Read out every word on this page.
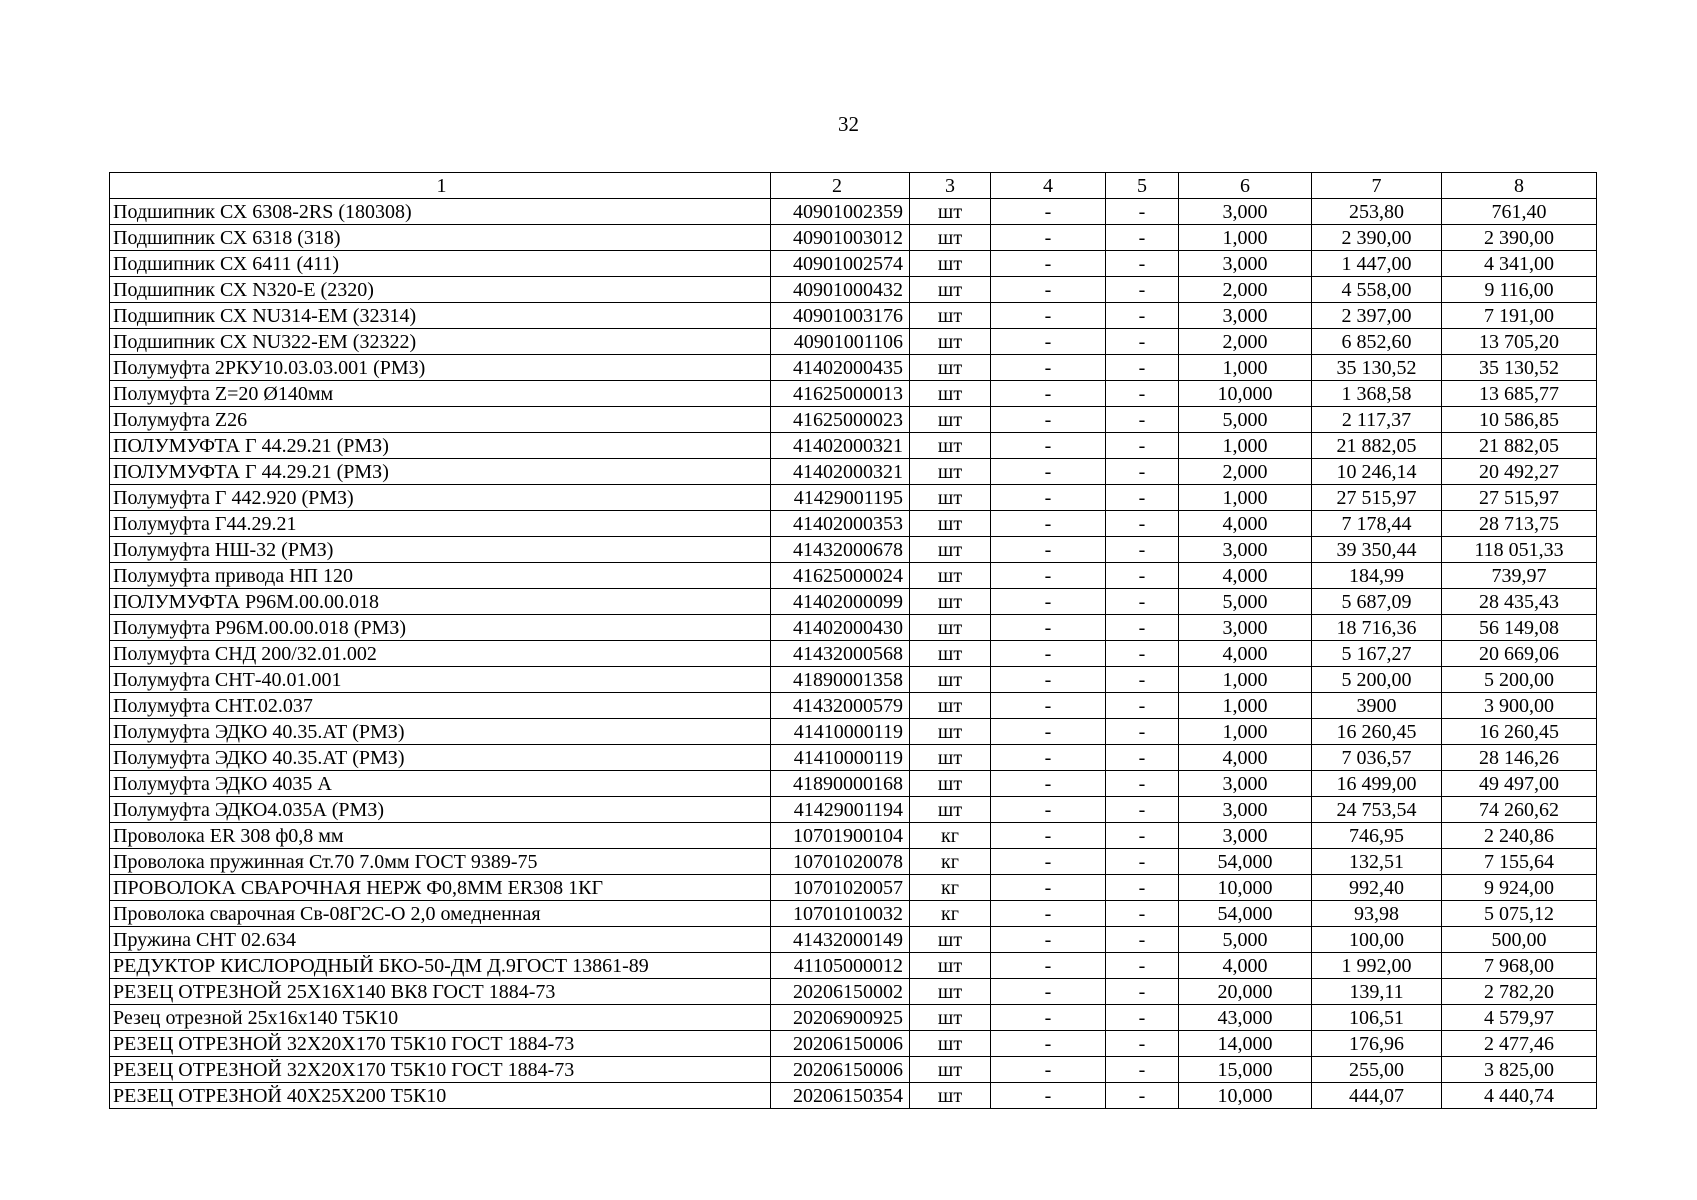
32
1	2	3	4	5	6	7	8
Подшипник СХ 6308-2RS (180308)	40901002359	шт	-	-	3,000	253,80	761,40
Подшипник СХ 6318 (318)	40901003012	шт	-	-	1,000	2 390,00	2 390,00
Подшипник СХ 6411 (411)	40901002574	шт	-	-	3,000	1 447,00	4 341,00
Подшипник СХ N320-E (2320)	40901000432	шт	-	-	2,000	4 558,00	9 116,00
Подшипник СХ NU314-EM (32314)	40901003176	шт	-	-	3,000	2 397,00	7 191,00
Подшипник СХ NU322-EM (32322)	40901001106	шт	-	-	2,000	6 852,60	13 705,20
Полумуфта 2РКУ10.03.03.001 (РМЗ)	41402000435	шт	-	-	1,000	35 130,52	35 130,52
Полумуфта Z=20 Ø140мм	41625000013	шт	-	-	10,000	1 368,58	13 685,77
Полумуфта Z26	41625000023	шт	-	-	5,000	2 117,37	10 586,85
ПОЛУМУФТА Г 44.29.21 (РМЗ)	41402000321	шт	-	-	1,000	21 882,05	21 882,05
ПОЛУМУФТА Г 44.29.21 (РМЗ)	41402000321	шт	-	-	2,000	10 246,14	20 492,27
Полумуфта Г 442.920 (РМЗ)	41429001195	шт	-	-	1,000	27 515,97	27 515,97
Полумуфта Г44.29.21	41402000353	шт	-	-	4,000	7 178,44	28 713,75
Полумуфта НШ-32 (РМЗ)	41432000678	шт	-	-	3,000	39 350,44	118 051,33
Полумуфта привода НП 120	41625000024	шт	-	-	4,000	184,99	739,97
ПОЛУМУФТА Р96М.00.00.018	41402000099	шт	-	-	5,000	5 687,09	28 435,43
Полумуфта Р96М.00.00.018 (РМЗ)	41402000430	шт	-	-	3,000	18 716,36	56 149,08
Полумуфта СНД 200/32.01.002	41432000568	шт	-	-	4,000	5 167,27	20 669,06
Полумуфта СНТ-40.01.001	41890001358	шт	-	-	1,000	5 200,00	5 200,00
Полумуфта СНТ.02.037	41432000579	шт	-	-	1,000	3900	3 900,00
Полумуфта ЭДКО 40.35.АТ (РМЗ)	41410000119	шт	-	-	1,000	16 260,45	16 260,45
Полумуфта ЭДКО 40.35.АТ (РМЗ)	41410000119	шт	-	-	4,000	7 036,57	28 146,26
Полумуфта ЭДКО 4035 А	41890000168	шт	-	-	3,000	16 499,00	49 497,00
Полумуфта ЭДКО4.035А (РМЗ)	41429001194	шт	-	-	3,000	24 753,54	74 260,62
Проволока ER 308 ф0,8 мм	10701900104	кг	-	-	3,000	746,95	2 240,86
Проволока пружинная Ст.70 7.0мм ГОСТ 9389-75	10701020078	кг	-	-	54,000	132,51	7 155,64
ПРОВОЛОКА СВАРОЧНАЯ НЕРЖ Ф0,8ММ ER308 1КГ	10701020057	кг	-	-	10,000	992,40	9 924,00
Проволока сварочная Св-08Г2С-О 2,0 омедненная	10701010032	кг	-	-	54,000	93,98	5 075,12
Пружина СНТ 02.634	41432000149	шт	-	-	5,000	100,00	500,00
РЕДУКТОР КИСЛОРОДНЫЙ БКО-50-ДМ Д.9ГОСТ 13861-89	41105000012	шт	-	-	4,000	1 992,00	7 968,00
РЕЗЕЦ ОТРЕЗНОЙ 25Х16Х140 ВК8 ГОСТ 1884-73	20206150002	шт	-	-	20,000	139,11	2 782,20
Резец отрезной 25х16х140 Т5К10	20206900925	шт	-	-	43,000	106,51	4 579,97
РЕЗЕЦ ОТРЕЗНОЙ 32Х20Х170 Т5К10 ГОСТ 1884-73	20206150006	шт	-	-	14,000	176,96	2 477,46
РЕЗЕЦ ОТРЕЗНОЙ 32Х20Х170 Т5К10 ГОСТ 1884-73	20206150006	шт	-	-	15,000	255,00	3 825,00
РЕЗЕЦ ОТРЕЗНОЙ 40Х25Х200 Т5К10	20206150354	шт	-	-	10,000	444,07	4 440,74
